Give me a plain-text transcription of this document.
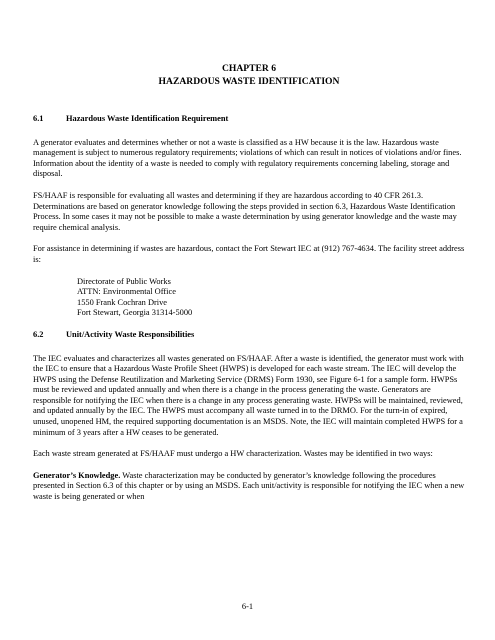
CHAPTER 6

HAZARDOUS WASTE IDENTIFICATION

6.1	Hazardous Waste Identification Requirement

A generator evaluates and determines whether or not a waste is classified as a HW because it is the law. Hazardous waste management is subject to numerous regulatory requirements; violations of which can result in notices of violations and/or fines. Information about the identity of a waste is needed to comply with regulatory requirements concerning labeling, storage and disposal.

FS/HAAF is responsible for evaluating all wastes and determining if they are hazardous according to 40 CFR 261.3. Determinations are based on generator knowledge following the steps provided in section 6.3, Hazardous Waste Identification Process. In some cases it may not be possible to make a waste determination by using generator knowledge and the waste may require chemical analysis.

For assistance in determining if wastes are hazardous, contact the Fort Stewart IEC at (912) 767-4634. The facility street address is:

Directorate of Public Works

ATTN: Environmental Office

1550 Frank Cochran Drive

Fort Stewart, Georgia 31314-5000

6.2	Unit/Activity Waste Responsibilities

The IEC evaluates and characterizes all wastes generated on FS/HAAF. After a waste is identified, the generator must work with the IEC to ensure that a Hazardous Waste Profile Sheet (HWPS) is developed for each waste stream. The IEC will develop the HWPS using the Defense Reutilization and Marketing Service (DRMS) Form 1930, see Figure 6-1 for a sample form. HWPSs must be reviewed and updated annually and when there is a change in the process generating the waste. Generators are responsible for notifying the IEC when there is a change in any process generating waste. HWPSs will be maintained, reviewed, and updated annually by the IEC. The HWPS must accompany all waste turned in to the DRMO. For the turn-in of expired, unused, unopened HM, the required supporting documentation is an MSDS. Note, the IEC will maintain completed HWPS for a minimum of 3 years after a HW ceases to be generated.

Each waste stream generated at FS/HAAF must undergo a HW characterization. Wastes may be identified in two ways:

Generator’s Knowledge. Waste characterization may be conducted by generator’s knowledge following the procedures presented in Section 6.3 of this chapter or by using an MSDS. Each unit/activity is responsible for notifying the IEC when a new waste is being generated or when

6-1
